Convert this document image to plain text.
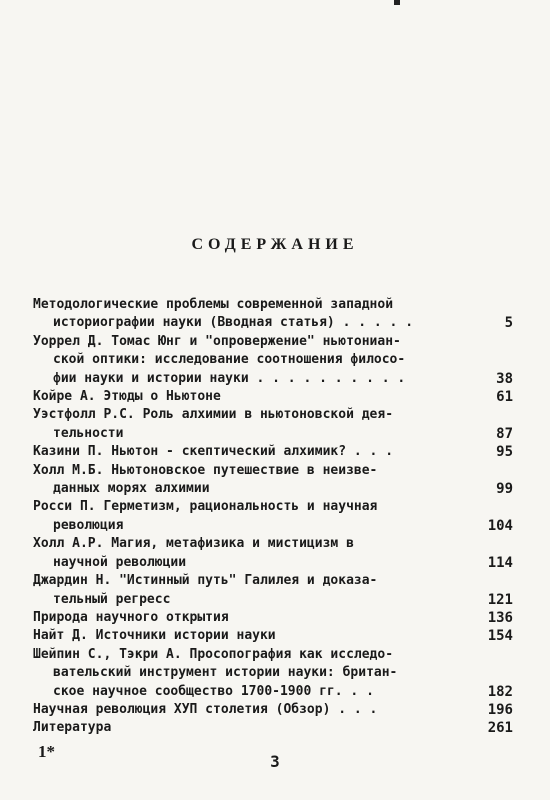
СОДЕРЖАНИЕ
Методологические проблемы современной западной
историографии науки (Вводная статья) . . . . .	5
Уоррел Д. Томас Юнг и "опровержение" ньютониан-
ской оптики: исследование соотношения филосо-
фии науки и истории науки . . . . . . . . . .	38
Койре А. Этюды о Ньютоне	61
Уэстфолл Р.С. Роль алхимии в ньютоновской дея-
тельности	87
Казини П. Ньютон - скептический алхимик? . . .	95
Холл М.Б. Ньютоновское путешествие в неизве-
данных морях алхимии	99
Росси П. Герметизм, рациональность и научная
революция	104
Холл А.Р. Магия, метафизика и мистицизм в
научной революции	114
Джардин Н. "Истинный путь" Галилея и доказа-
тельный регресс	121
Природа научного открытия	136
Найт Д. Источники истории науки	154
Шейпин С., Тэкри А. Просопография как исследо-
вательский инструмент истории науки: британ-
ское научное сообщество 1700-1900 гг. . .	182
Научная революция XУП столетия (Обзор) . . .	196
Литература	261
1*
3
